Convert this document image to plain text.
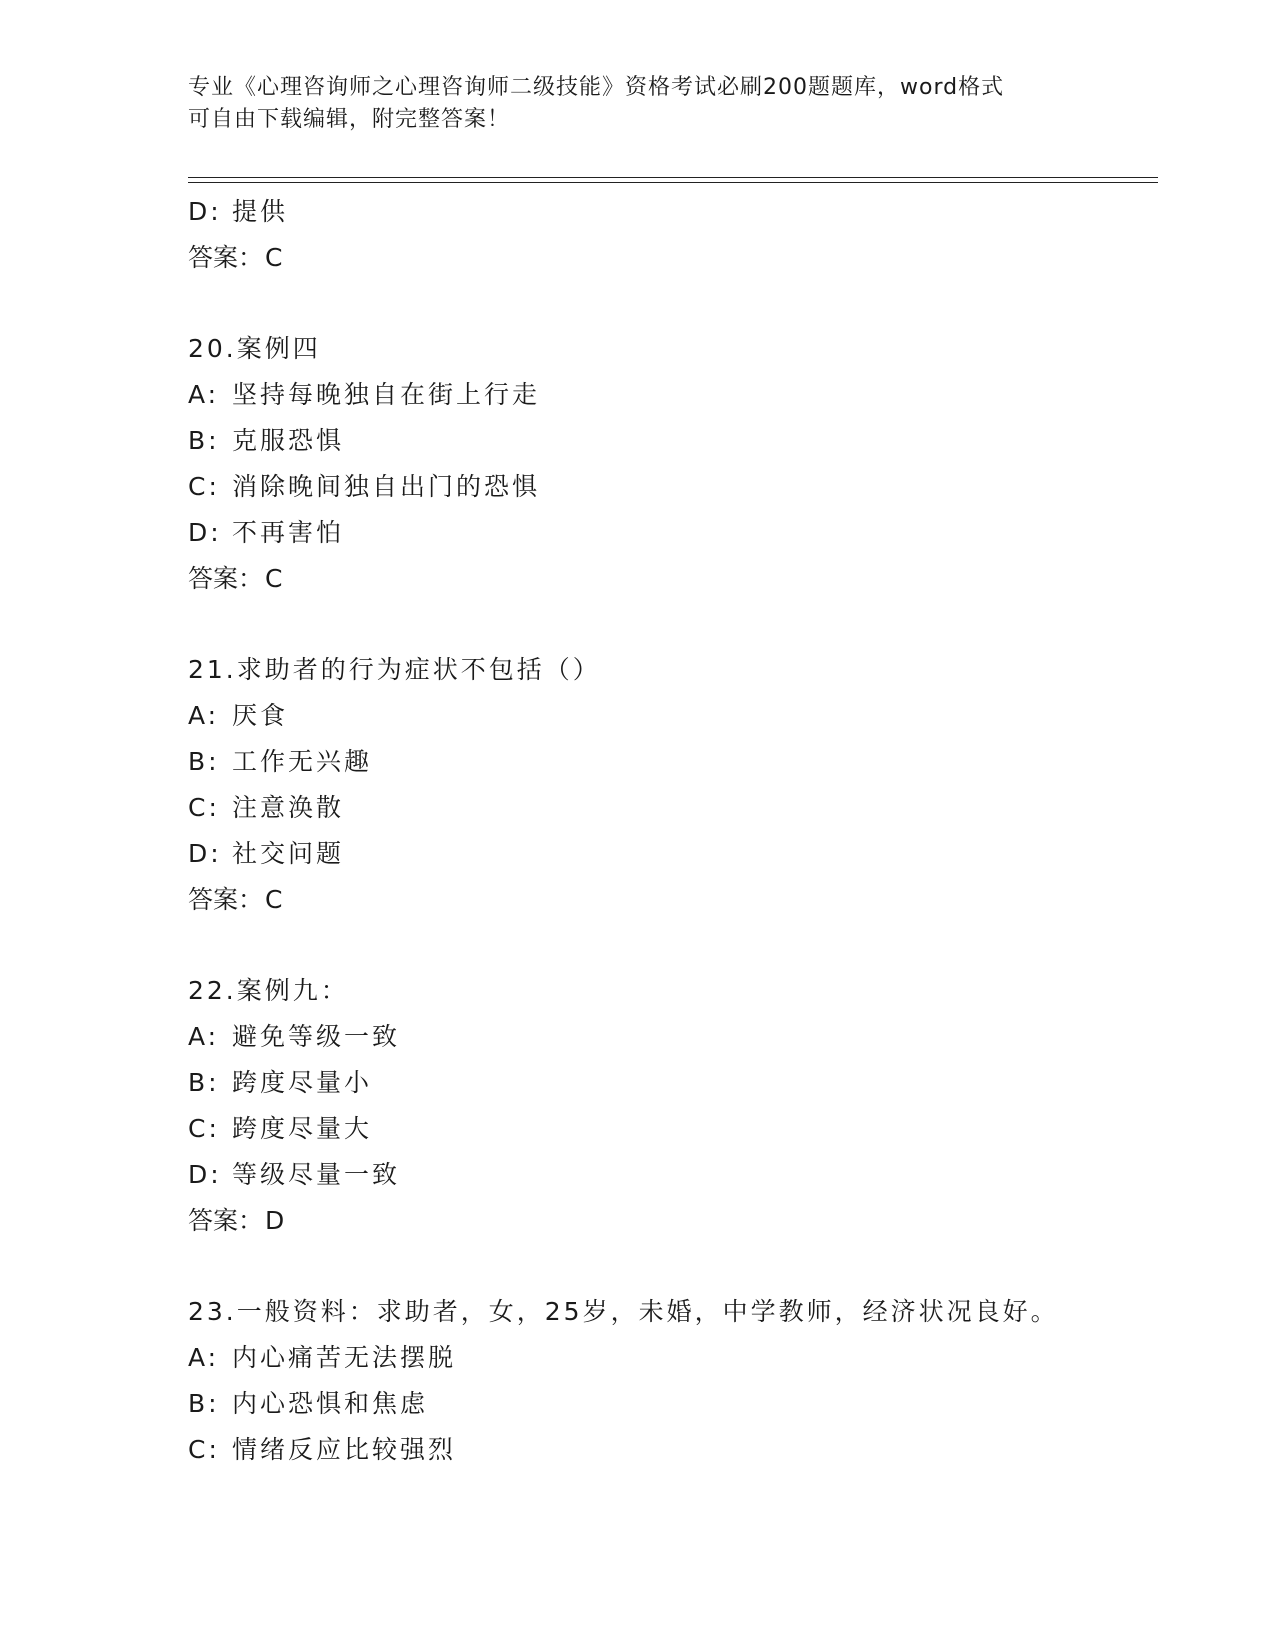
专业《心理咨询师之心理咨询师二级技能》资格考试必刷200题题库，word格式
可自由下载编辑，附完整答案！
D: 提供
答案：C
20.案例四
A: 坚持每晚独自在街上行走
B: 克服恐惧
C: 消除晚间独自出门的恐惧
D: 不再害怕
答案：C
21.求助者的行为症状不包括（）
A: 厌食
B: 工作无兴趣
C: 注意涣散
D: 社交问题
答案：C
22.案例九：
A: 避免等级一致
B: 跨度尽量小
C: 跨度尽量大
D: 等级尽量一致
答案：D
23.一般资料：求助者，女，25岁，未婚，中学教师，经济状况良好。
A: 内心痛苦无法摆脱
B: 内心恐惧和焦虑
C: 情绪反应比较强烈
